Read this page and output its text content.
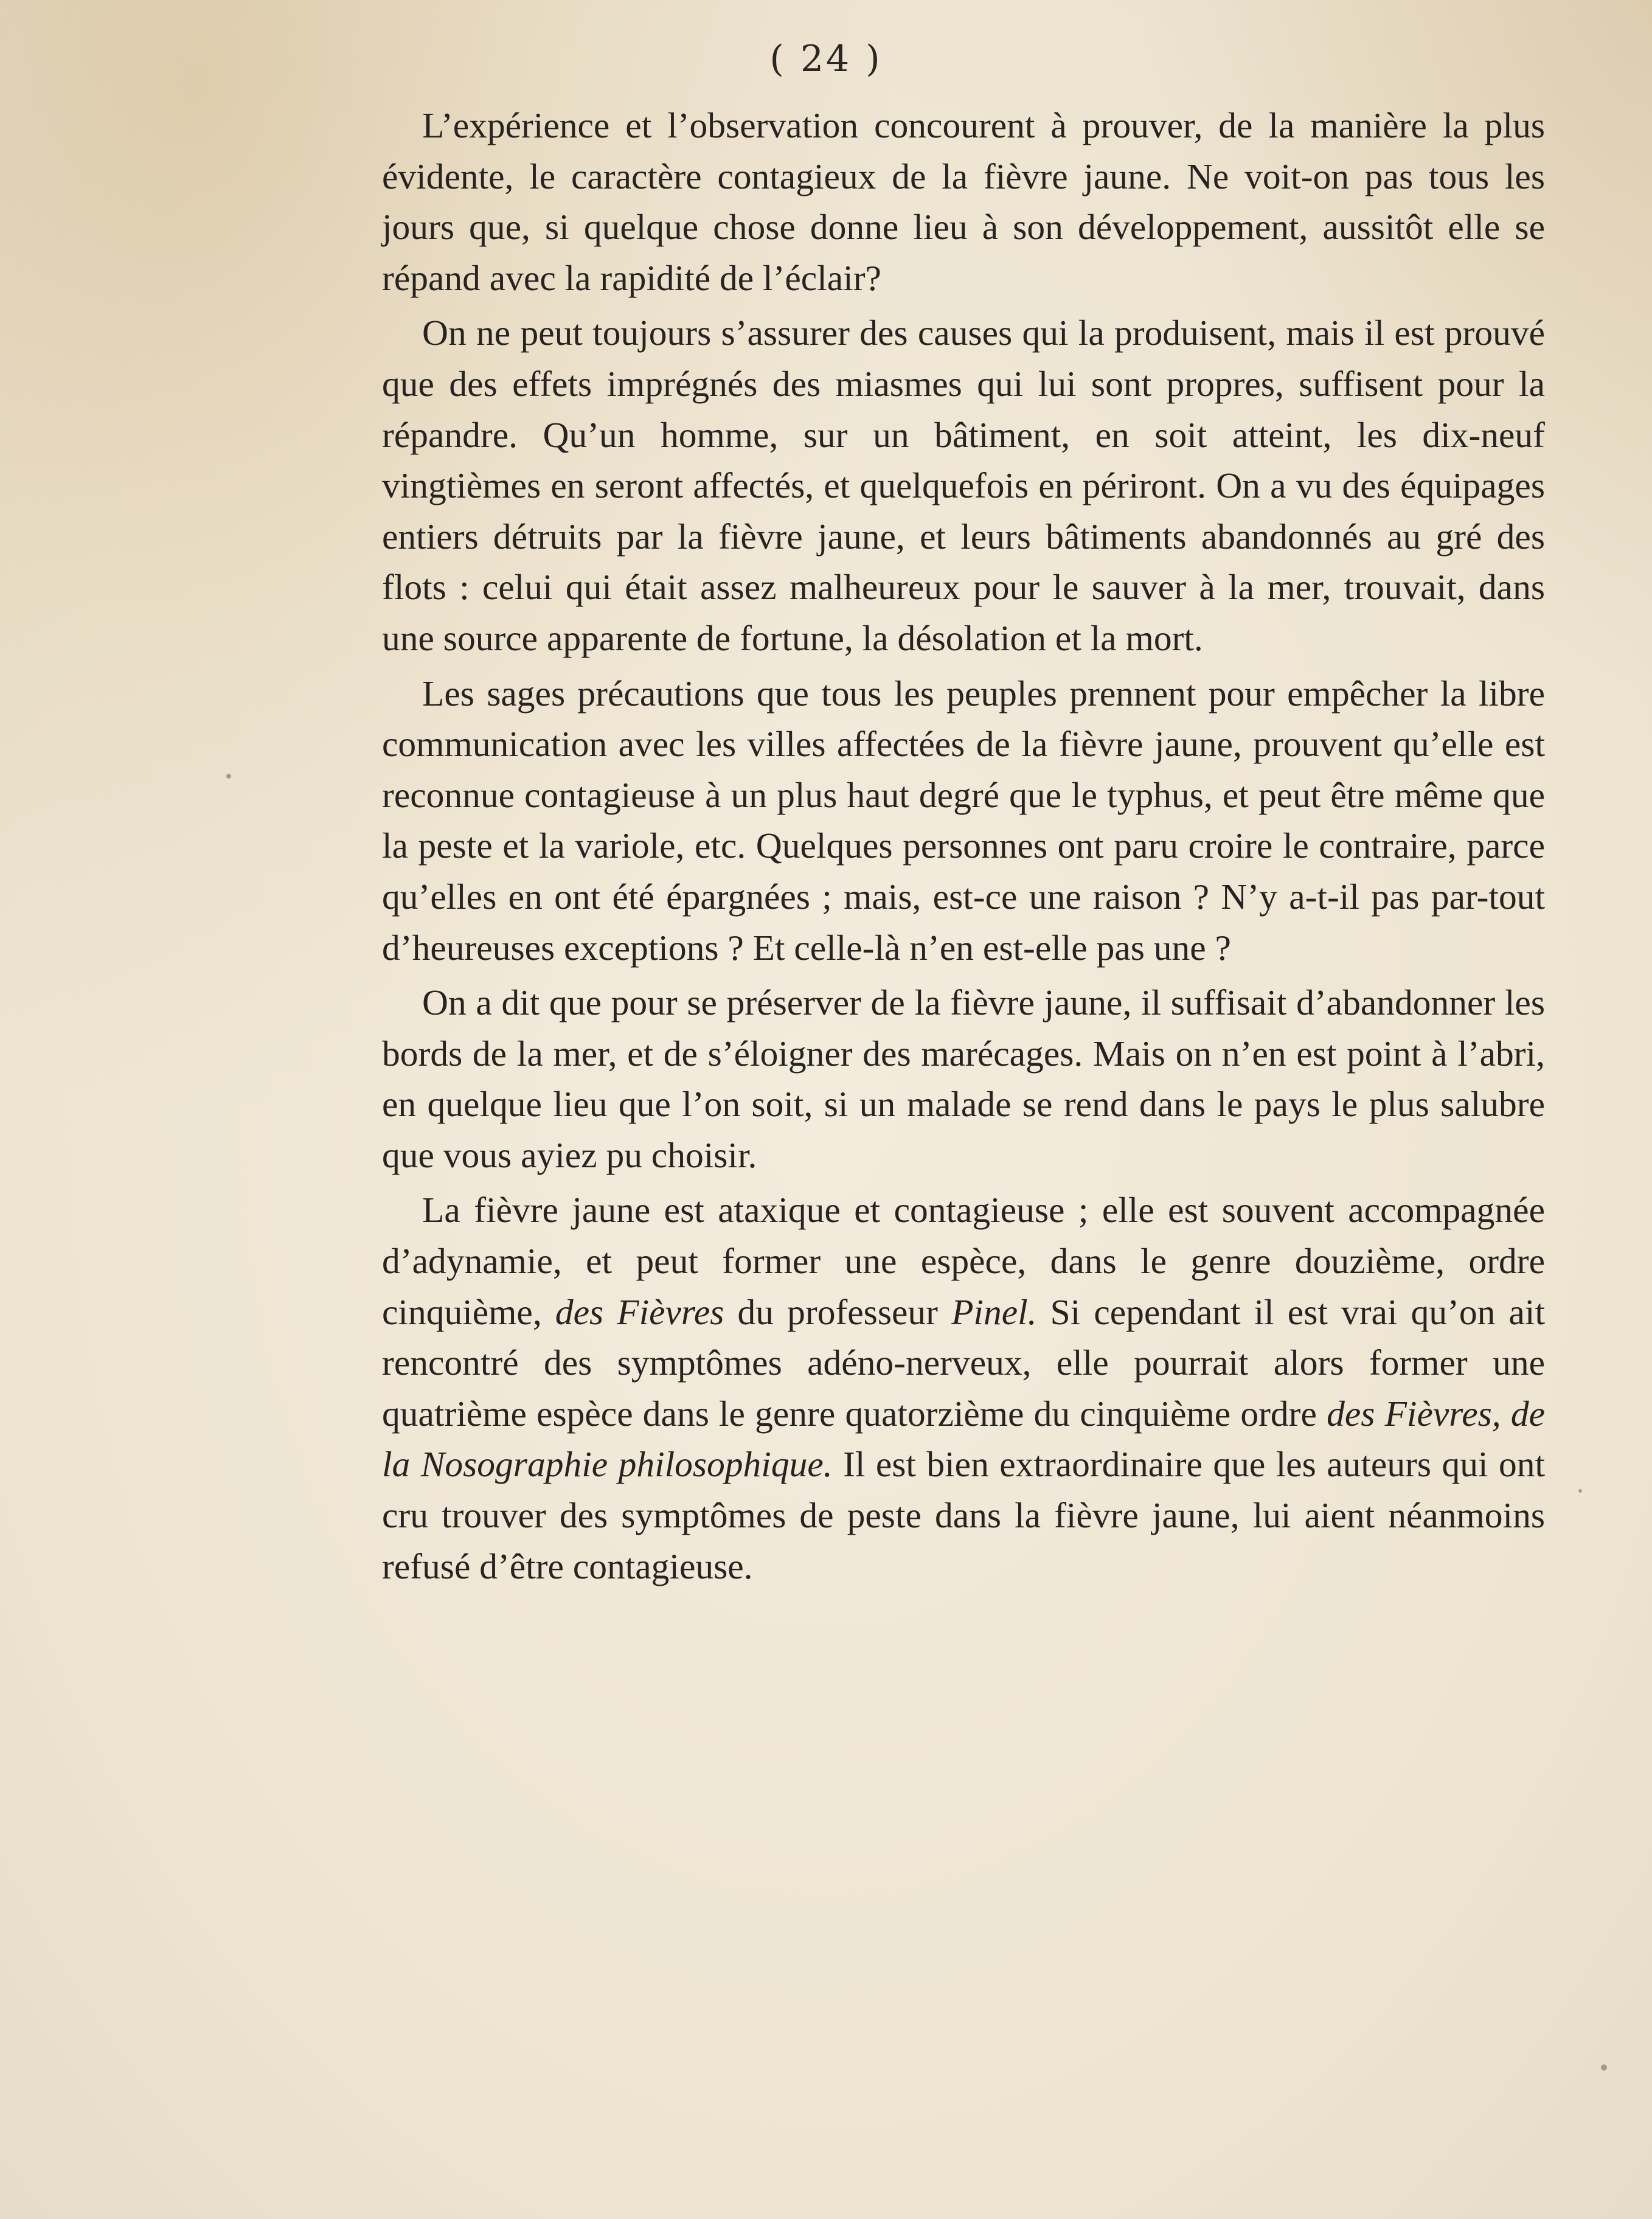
( 24 )

L’expérience et l’observation concourent à prouver, de la manière la plus évidente, le caractère contagieux de la fièvre jaune. Ne voit-on pas tous les jours que, si quelque chose donne lieu à son développement, aussitôt elle se répand avec la rapidité de l’éclair?

On ne peut toujours s’assurer des causes qui la produisent, mais il est prouvé que des effets imprégnés des miasmes qui lui sont propres, suffisent pour la répandre. Qu’un homme, sur un bâtiment, en soit atteint, les dix-neuf vingtièmes en seront affectés, et quelquefois en périront. On a vu des équipages entiers détruits par la fièvre jaune, et leurs bâtiments abandonnés au gré des flots : celui qui était assez malheureux pour le sauver à la mer, trouvait, dans une source apparente de fortune, la désolation et la mort.

Les sages précautions que tous les peuples prennent pour empêcher la libre communication avec les villes affectées de la fièvre jaune, prouvent qu’elle est reconnue contagieuse à un plus haut degré que le typhus, et peut être même que la peste et la variole, etc. Quelques personnes ont paru croire le contraire, parce qu’elles en ont été épargnées ; mais, est-ce une raison ? N’y a-t-il pas par-tout d’heureuses exceptions ? Et celle-là n’en est-elle pas une ?

On a dit que pour se préserver de la fièvre jaune, il suffisait d’abandonner les bords de la mer, et de s’éloigner des marécages. Mais on n’en est point à l’abri, en quelque lieu que l’on soit, si un malade se rend dans le pays le plus salubre que vous ayiez pu choisir.

La fièvre jaune est ataxique et contagieuse ; elle est souvent accompagnée d’adynamie, et peut former une espèce, dans le genre douzième, ordre cinquième, des Fièvres du professeur Pinel. Si cependant il est vrai qu’on ait rencontré des symptômes adéno-nerveux, elle pourrait alors former une quatrième espèce dans le genre quatorzième du cinquième ordre des Fièvres, de la Nosographie philosophique. Il est bien extraordinaire que les auteurs qui ont cru trouver des symptômes de peste dans la fièvre jaune, lui aient néanmoins refusé d’être contagieuse.
